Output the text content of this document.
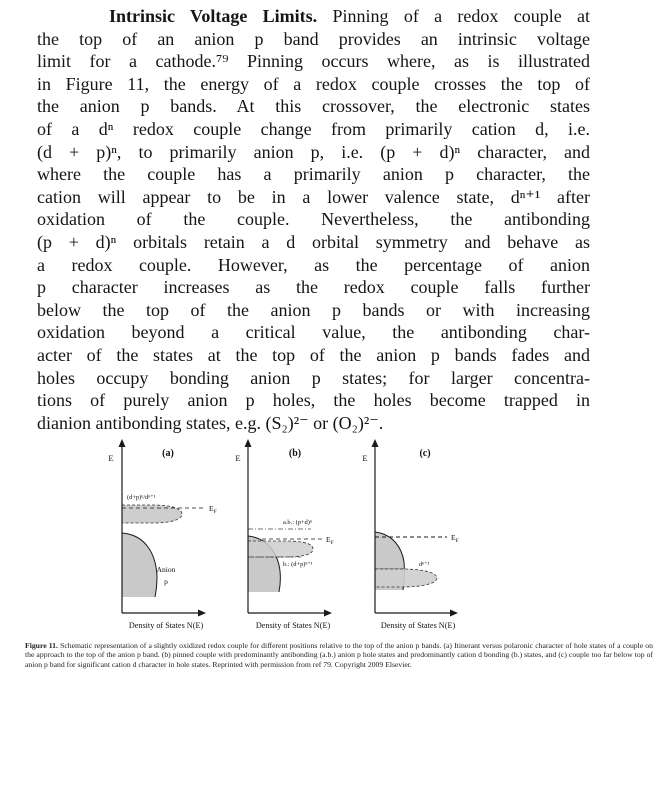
Intrinsic Voltage Limits. Pinning of a redox couple at
the top of an anion p band provides an intrinsic voltage
limit for a cathode.⁷⁹ Pinning occurs where, as is illustrated
in Figure 11, the energy of a redox couple crosses the top of
the anion p bands. At this crossover, the electronic states
of a dⁿ redox couple change from primarily cation d, i.e.
(d + p)ⁿ, to primarily anion p, i.e. (p + d)ⁿ character, and
where the couple has a primarily anion p character, the
cation will appear to be in a lower valence state, dⁿ⁺¹ after
oxidation of the couple. Nevertheless, the antibonding
(p + d)ⁿ orbitals retain a d orbital symmetry and behave as
a redox couple. However, as the percentage of anion
p character increases as the redox couple falls further
below the top of the anion p bands or with increasing
oxidation beyond a critical value, the antibonding char-
acter of the states at the top of the anion p bands fades and
holes occupy bonding anion p states; for larger concentra-
tions of purely anion p holes, the holes become trapped in
dianion antibonding states, e.g. (S₂)²⁻ or (O₂)²⁻.
(a)
E
(d+p)ⁿ/dⁿ⁺¹
$E_F$
Anion
p
Density of States N(E)
(b)
E
a.b.: (p+d)ⁿ
$E_F$
b.: (d+p)ⁿ⁺¹
Density of States N(E)
(c)
E
$E_F$
dⁿ⁺¹
Density of States N(E)
Figure 11. Schematic representation of a slightly oxidized redox couple for different positions relative to the top of the anion p bands. (a) Itinerant versus polaronic character of hole states of a couple on the approach to the top of the anion p band. (b) pinned couple with predominantly antibonding (a.b.) anion p hole states and predominantly cation d bonding (b.) states, and (c) couple too far below top of anion p band for significant cation d character in hole states. Reprinted with permission from ref 79. Copyright 2009 Elsevier.
